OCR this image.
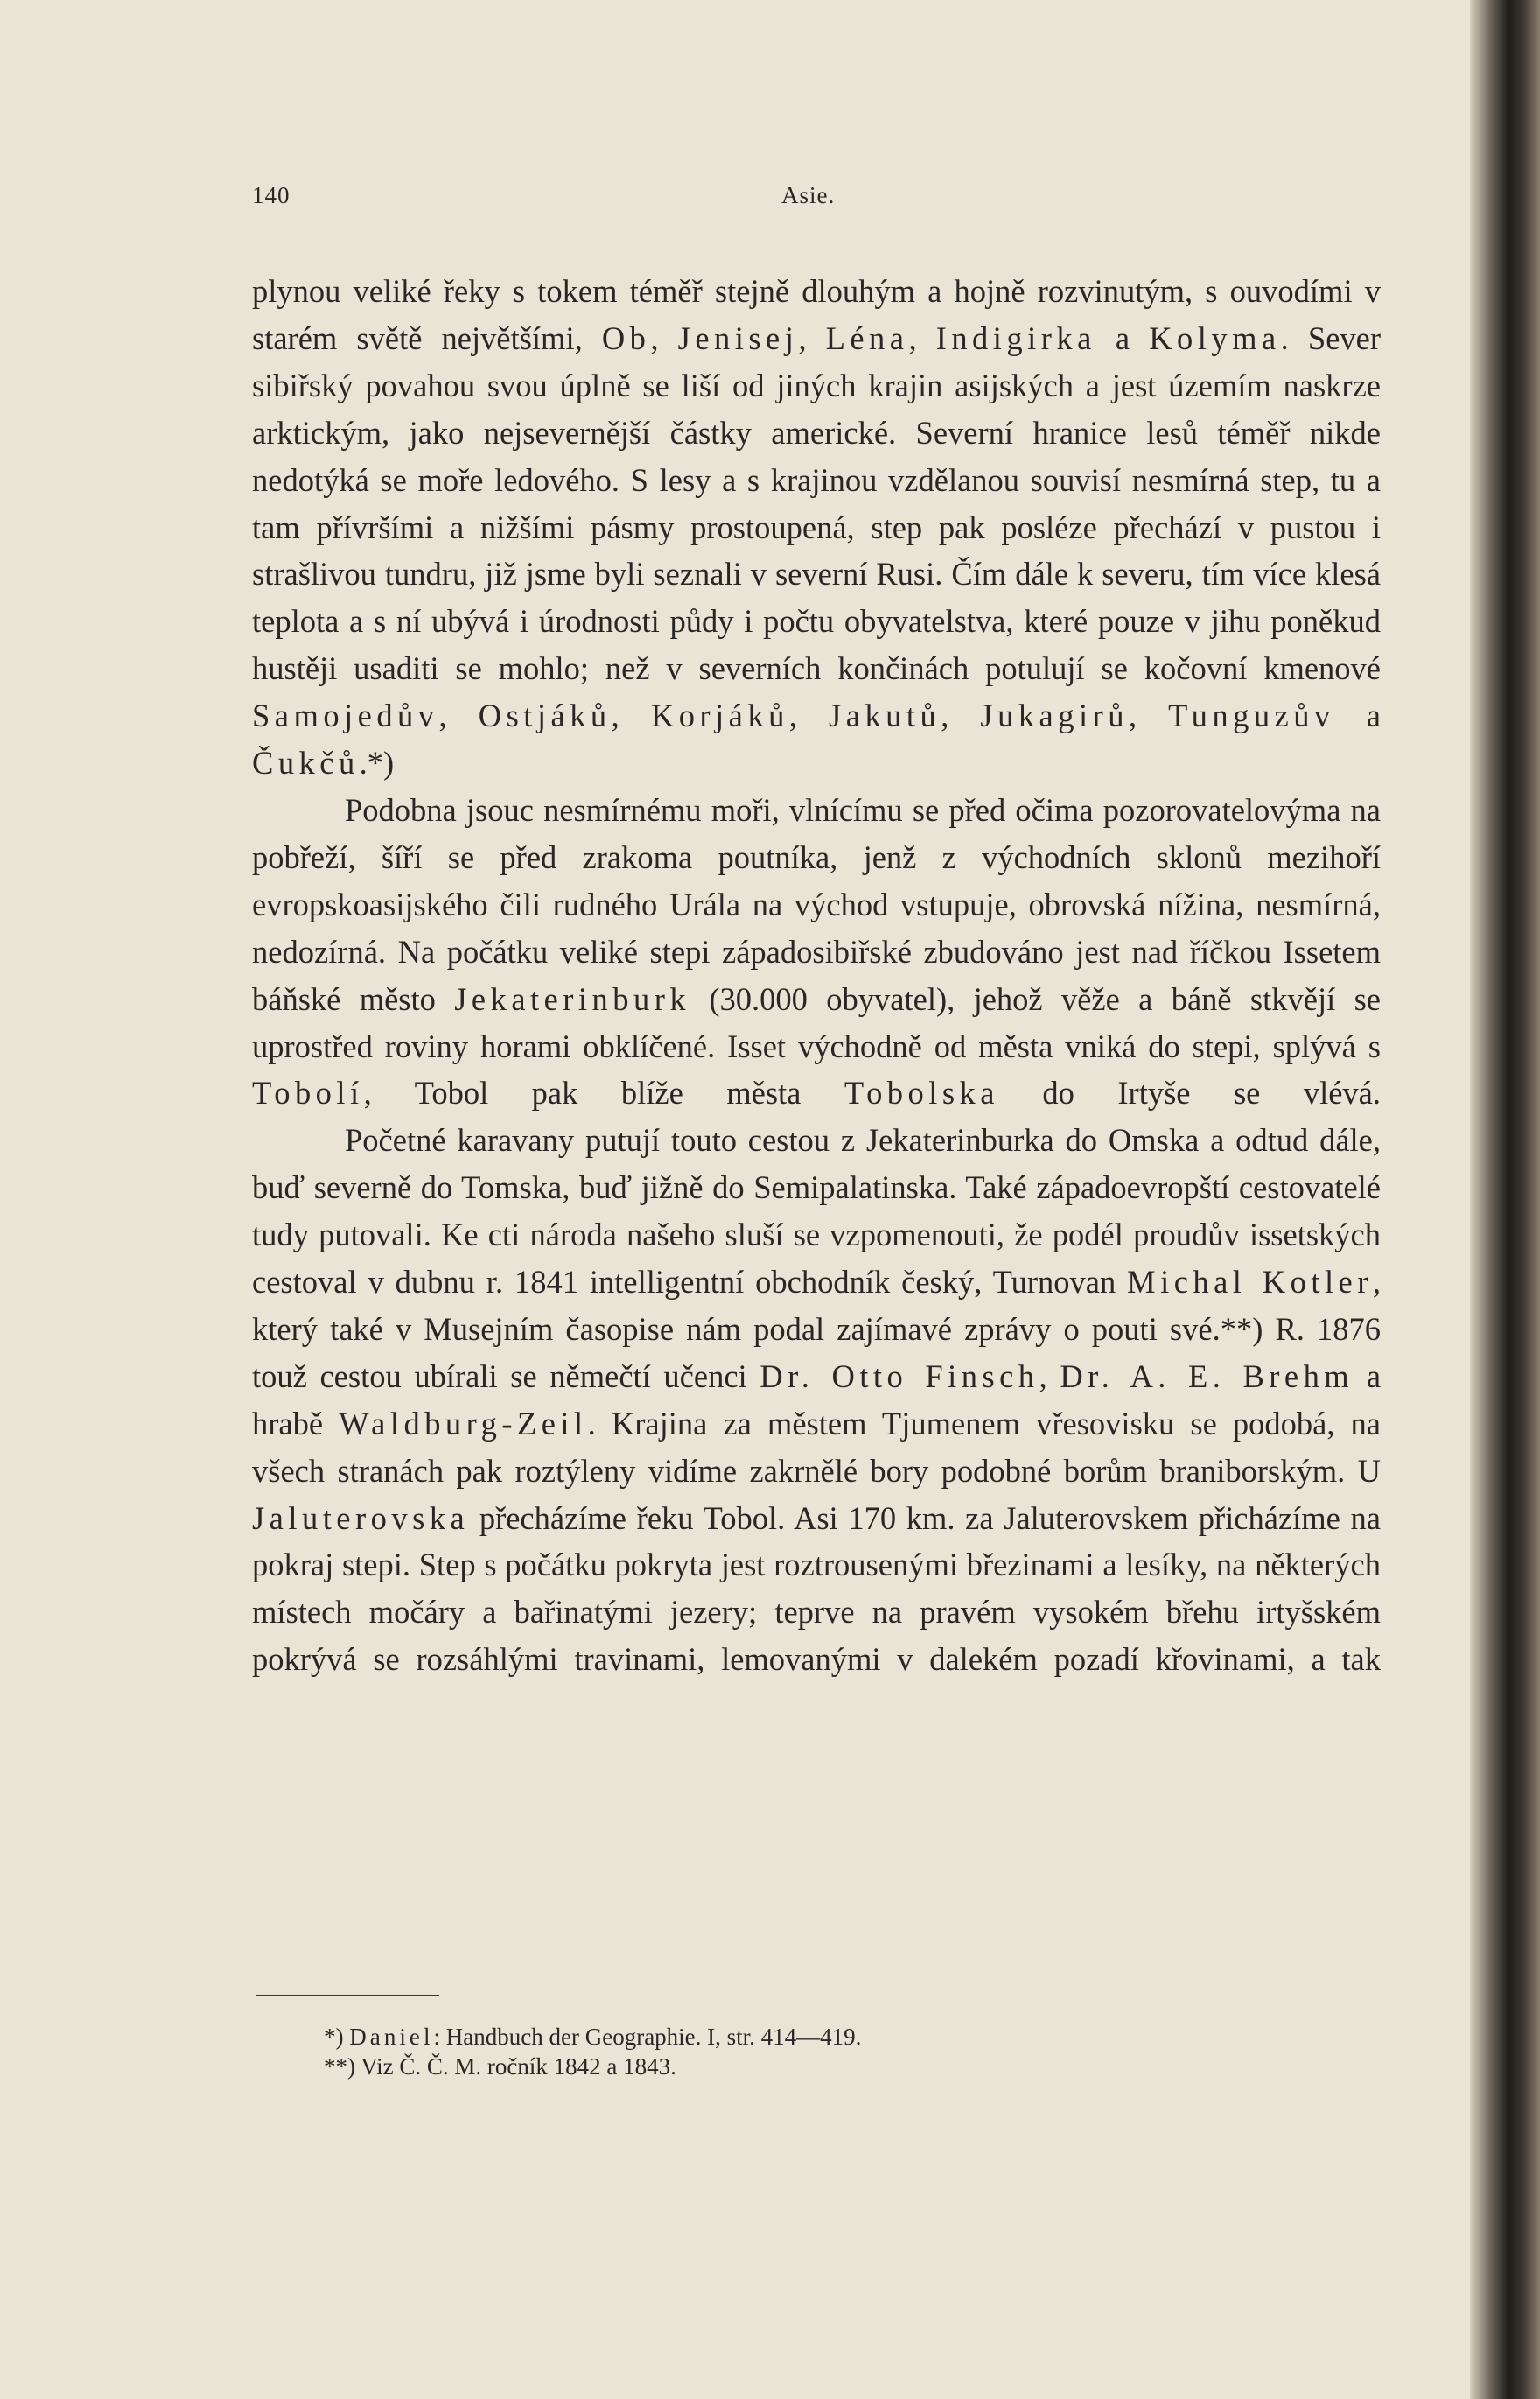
140	Asie.

plynou veliké řeky s tokem téměř stejně dlouhým a hojně rozvinutým, s ouvodími v starém světě největšími, Ob, Jenisej, Léna, Indigirka a Kolyma. Sever sibiřský povahou svou úplně se liší od jiných krajin asijských a jest územím naskrze arktickým, jako nejsevernější částky americké. Severní hranice lesů téměř nikde nedotýká se moře ledového. S lesy a s krajinou vzdělanou souvisí nesmírná step, tu a tam přívršími a nižšími pásmy prostoupená, step pak posléze přechází v pustou i strašlivou tundru, již jsme byli seznali v severní Rusi. Čím dále k severu, tím více klesá teplota a s ní ubývá i úrodnosti půdy i počtu obyvatelstva, které pouze v jihu poněkud hustěji usaditi se mohlo; než v severních končinách potulují se kočovní kmenové Samojedův, Ostjáků, Korjáků, Jakutů, Jukagirů, Tunguzův a Čukčů.*)

Podobna jsouc nesmírnému moři, vlnícímu se před očima pozorovatelovýma na pobřeží, šíří se před zrakoma poutníka, jenž z východních sklonů mezihoří evropskoasijského čili rudného Urála na východ vstupuje, obrovská nížina, nesmírná, nedozírná. Na počátku veliké stepi západosibiřské zbudováno jest nad říčkou Issetem báňské město Jekaterinburk (30.000 obyvatel), jehož věže a báně stkvějí se uprostřed roviny horami obklíčené. Isset východně od města vniká do stepi, splývá s Tobolí, Tobol pak blíže města Tobolska do Irtyše se vlévá.

Početné karavany putují touto cestou z Jekaterinburka do Omska a odtud dále, buď severně do Tomska, buď jižně do Semipalatinska. Také západoevropští cestovatelé tudy putovali. Ke cti národa našeho sluší se vzpomenouti, že podél proudův issetských cestoval v dubnu r. 1841 intelligentní obchodník český, Turnovan Michal Kotler, který také v Musejním časopise nám podal zajímavé zprávy o pouti své.**) R. 1876 touž cestou ubírali se němečtí učenci Dr. Otto Finsch, Dr. A. E. Brehm a hrabě Waldburg-Zeil. Krajina za městem Tjumenem vřesovisku se podobá, na všech stranách pak roztýleny vidíme zakrnělé bory podobné borům braniborským. U Jaluterovska přecházíme řeku Tobol. Asi 170 km. za Jaluterovskem přicházíme na pokraj stepi. Step s počátku pokryta jest roztrousenými březinami a lesíky, na některých místech močáry a bařinatými jezery; teprve na pravém vysokém břehu irtyšském pokrývá se rozsáhlými travinami, lemovanými v dalekém pozadí křovinami, a tak

*) Daniel: Handbuch der Geographie. I, str. 414—419.

**) Viz Č. Č. M. ročník 1842 a 1843.
